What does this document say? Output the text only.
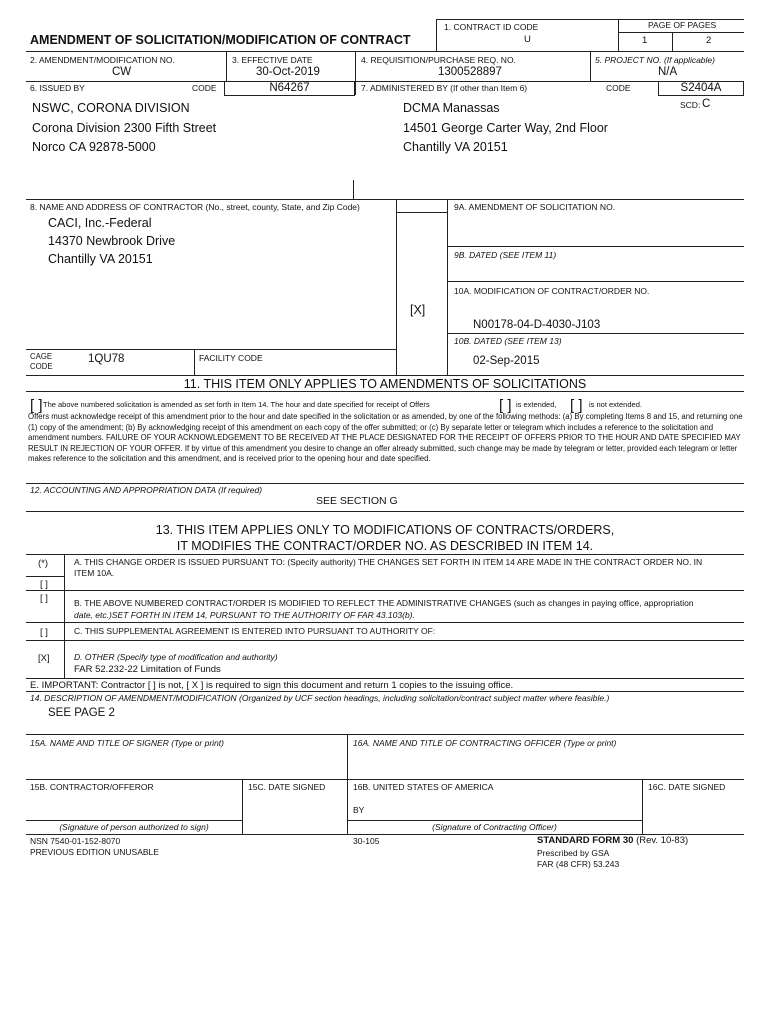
1. CONTRACT ID CODE
U
PAGE OF PAGES
1	2
AMENDMENT OF SOLICITATION/MODIFICATION OF CONTRACT
2. AMENDMENT/MODIFICATION NO.
CW
3. EFFECTIVE DATE
30-Oct-2019
4. REQUISITION/PURCHASE REQ. NO.
1300528897
5. PROJECT NO. (If applicable)
N/A
6. ISSUED BY	CODE	N64267	7. ADMINISTERED BY (If other than Item 6)	CODE	S2404A
SCD: C
NSWC, CORONA DIVISION
Corona Division 2300 Fifth Street
Norco CA 92878-5000
DCMA Manassas
14501 George Carter Way, 2nd Floor
Chantilly VA 20151
8. NAME AND ADDRESS OF CONTRACTOR (No., street, county, State, and Zip Code)
CACI, Inc.-Federal
14370 Newbrook Drive
Chantilly VA 20151
9A. AMENDMENT OF SOLICITATION NO.
9B. DATED (SEE ITEM 11)
10A. MODIFICATION OF CONTRACT/ORDER NO.
[X]
N00178-04-D-4030-J103
10B. DATED (SEE ITEM 13)
02-Sep-2015
CAGE CODE
1QU78	FACILITY CODE
11. THIS ITEM ONLY APPLIES TO AMENDMENTS OF SOLICITATIONS
[ ] The above numbered solicitation is amended as set forth in Item 14. The hour and date specified for receipt of Offers	[ ] is extended, [ ] is not extended.
Offers must acknowledge receipt of this amendment prior to the hour and date specified in the solicitation or as amended, by one of the following methods: (a) By completing Items 8 and 15, and returning one (1) copy of the amendment; (b) By acknowledging receipt of this amendment on each copy of the offer submitted; or (c) By separate letter or telegram which includes a reference to the solicitation and amendment numbers. FAILURE OF YOUR ACKNOWLEDGEMENT TO BE RECEIVED AT THE PLACE DESIGNATED FOR THE RECEIPT OF OFFERS PRIOR TO THE HOUR AND DATE SPECIFIED MAY RESULT IN REJECTION OF YOUR OFFER. If by virtue of this amendment you desire to change an offer already submitted, such change may be made by telegram or letter, provided each telegram or letter makes reference to the solicitation and this amendment, and is received prior to the opening hour and date specified.
12. ACCOUNTING AND APPROPRIATION DATA (If required)
SEE SECTION G
13. THIS ITEM APPLIES ONLY TO MODIFICATIONS OF CONTRACTS/ORDERS,
IT MODIFIES THE CONTRACT/ORDER NO. AS DESCRIBED IN ITEM 14.
(*)	A. THIS CHANGE ORDER IS ISSUED PURSUANT TO: (Specify authority) THE CHANGES SET FORTH IN ITEM 14 ARE MADE IN THE CONTRACT ORDER NO. IN
ITEM 10A.
[ ]
[ ]	B. THE ABOVE NUMBERED CONTRACT/ORDER IS MODIFIED TO REFLECT THE ADMINISTRATIVE CHANGES (such as changes in paying office, appropriation
date, etc.)SET FORTH IN ITEM 14, PURSUANT TO THE AUTHORITY OF FAR 43.103(b).
[ ]	C. THIS SUPPLEMENTAL AGREEMENT IS ENTERED INTO PURSUANT TO AUTHORITY OF:
[X]	D. OTHER (Specify type of modification and authority)
FAR 52.232-22 Limitation of Funds
E. IMPORTANT: Contractor [ ] is not, [ X ] is required to sign this document and return 1 copies to the issuing office.
14. DESCRIPTION OF AMENDMENT/MODIFICATION (Organized by UCF section headings, including solicitation/contract subject matter where feasible.)
SEE PAGE 2
15A. NAME AND TITLE OF SIGNER (Type or print)	16A. NAME AND TITLE OF CONTRACTING OFFICER (Type or print)
15B. CONTRACTOR/OFFEROR	15C. DATE SIGNED	16B. UNITED STATES OF AMERICA	16C. DATE SIGNED
BY
(Signature of person authorized to sign)	(Signature of Contracting Officer)
NSN 7540-01-152-8070
PREVIOUS EDITION UNUSABLE
30-105	STANDARD FORM 30 (Rev. 10-83)
Prescribed by GSA
FAR (48 CFR) 53.243
